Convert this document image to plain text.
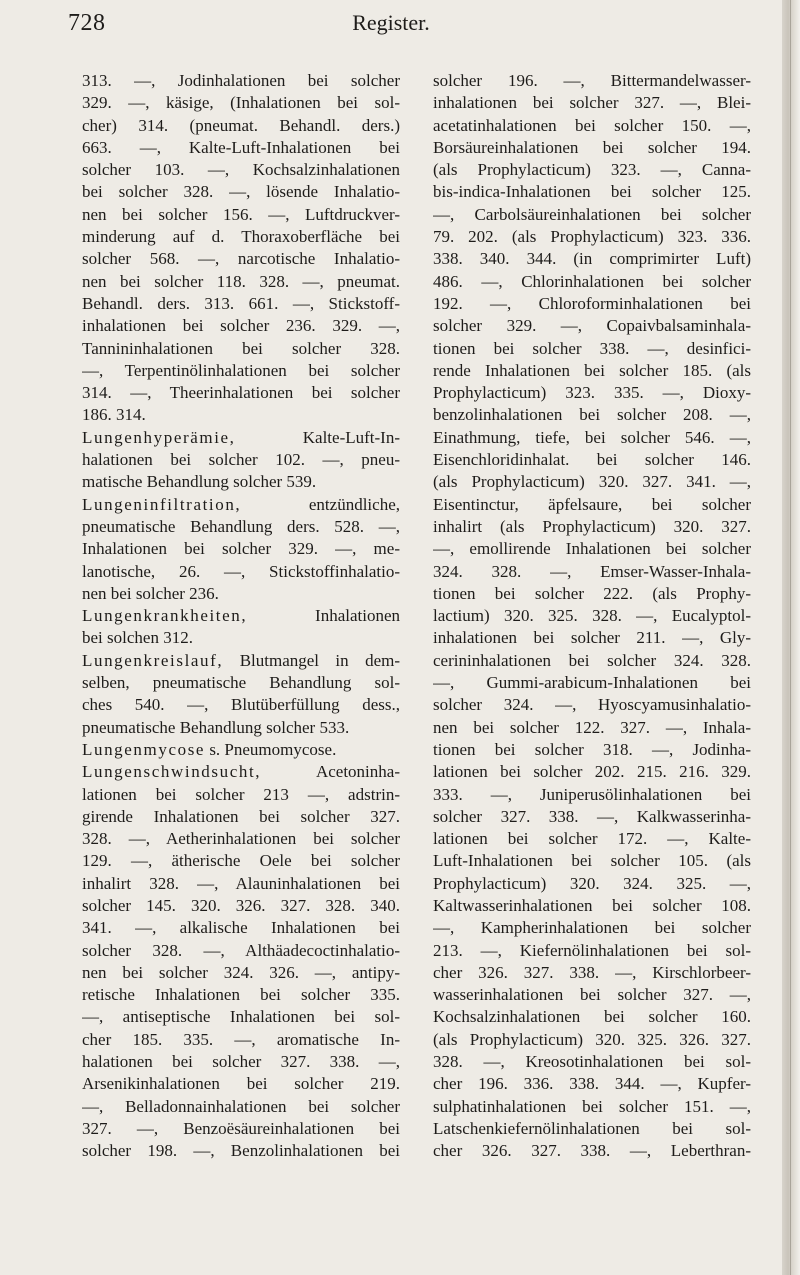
728	Register.
313. —, Jodinhalationen bei solcher
329. —, käsige, (Inhalationen bei sol-
cher) 314. (pneumat. Behandl. ders.)
663. —, Kalte-Luft-Inhalationen bei
solcher 103. —, Kochsalzinhalationen
bei solcher 328. —, lösende Inhalatio-
nen bei solcher 156. —, Luftdruckver-
minderung auf d. Thoraxoberfläche bei
solcher 568. —, narcotische Inhalatio-
nen bei solcher 118. 328. —, pneumat.
Behandl. ders. 313. 661. —, Stickstoff-
inhalationen bei solcher 236. 329. —,
Tannininhalationen bei solcher 328.
—, Terpentinölinhalationen bei solcher
314. —, Theerinhalationen bei solcher
186. 314.
Lungenhyperämie,	Kalte-Luft-In-
halationen bei solcher 102. —, pneu-
matische Behandlung solcher 539.
Lungeninfiltration,	entzündliche,
pneumatische Behandlung ders. 528. —,
Inhalationen bei solcher 329. —, me-
lanotische, 26. —, Stickstoffinhalatio-
nen bei solcher 236.
Lungenkrankheiten,	Inhalationen
bei solchen 312.
Lungenkreislauf, Blutmangel in dem-
selben, pneumatische Behandlung sol-
ches 540. —, Blutüberfüllung dess.,
pneumatische Behandlung solcher 533.
Lungenmycose s. Pneumomycose.
Lungenschwindsucht,	Acetoninha-
lationen bei solcher 213 —, adstrin-
girende Inhalationen bei solcher 327.
328. —, Aetherinhalationen bei solcher
129. —, ätherische Oele bei solcher
inhalirt 328. —, Alauninhalationen bei
solcher 145. 320. 326. 327. 328. 340.
341. —, alkalische Inhalationen bei
solcher 328. —, Althäadecoctinhalatio-
nen bei solcher 324. 326. —, antipy-
retische Inhalationen bei solcher 335.
—, antiseptische Inhalationen bei sol-
cher 185. 335. —, aromatische In-
halationen bei solcher 327. 338. —,
Arsenikinhalationen bei solcher 219.
—, Belladonnainhalationen bei solcher
327. —, Benzoësäureinhalationen bei
solcher 198. —, Benzolinhalationen bei
solcher 196. —, Bittermandelwasser-
inhalationen bei solcher 327. —, Blei-
acetatinhalationen bei solcher 150. —,
Borsäureinhalationen bei solcher 194.
(als Prophylacticum) 323. —, Canna-
bis-indica-Inhalationen bei solcher 125.
—, Carbolsäureinhalationen bei solcher
79. 202. (als Prophylacticum) 323. 336.
338. 340. 344. (in comprimirter Luft)
486. —, Chlorinhalationen bei solcher
192. —, Chloroforminhalationen bei
solcher 329. —, Copaivbalsaminhala-
tionen bei solcher 338. —, desinfici-
rende Inhalationen bei solcher 185. (als
Prophylacticum) 323. 335. —, Dioxy-
benzolinhalationen bei solcher 208. —,
Einathmung, tiefe, bei solcher 546. —,
Eisenchloridinhalat. bei solcher 146.
(als Prophylacticum) 320. 327. 341. —,
Eisentinctur, äpfelsaure, bei solcher
inhalirt (als Prophylacticum) 320. 327.
—, emollirende Inhalationen bei solcher
324. 328. —, Emser-Wasser-Inhala-
tionen bei solcher 222. (als Prophy-
lactium) 320. 325. 328. —, Eucalyptol-
inhalationen bei solcher 211. —, Gly-
cerininhalationen bei solcher 324. 328.
—, Gummi-arabicum-Inhalationen bei
solcher 324. —, Hyoscyamusinhalatio-
nen bei solcher 122. 327. —, Inhala-
tionen bei solcher 318. —, Jodinha-
lationen bei solcher 202. 215. 216. 329.
333. —, Juniperusölinhalationen bei
solcher 327. 338. —, Kalkwasserinha-
lationen bei solcher 172. —, Kalte-
Luft-Inhalationen bei solcher 105. (als
Prophylacticum) 320. 324. 325. —,
Kaltwasserinhalationen bei solcher 108.
—, Kampherinhalationen bei solcher
213. —, Kiefernölinhalationen bei sol-
cher 326. 327. 338. —, Kirschlorbeer-
wasserinhalationen bei solcher 327. —,
Kochsalzinhalationen bei solcher 160.
(als Prophylacticum) 320. 325. 326. 327.
328. —, Kreosotinhalationen bei sol-
cher 196. 336. 338. 344. —, Kupfer-
sulphatinhalationen bei solcher 151. —,
Latschenkiefernölinhalationen bei sol-
cher 326. 327. 338. —, Leberthran-
